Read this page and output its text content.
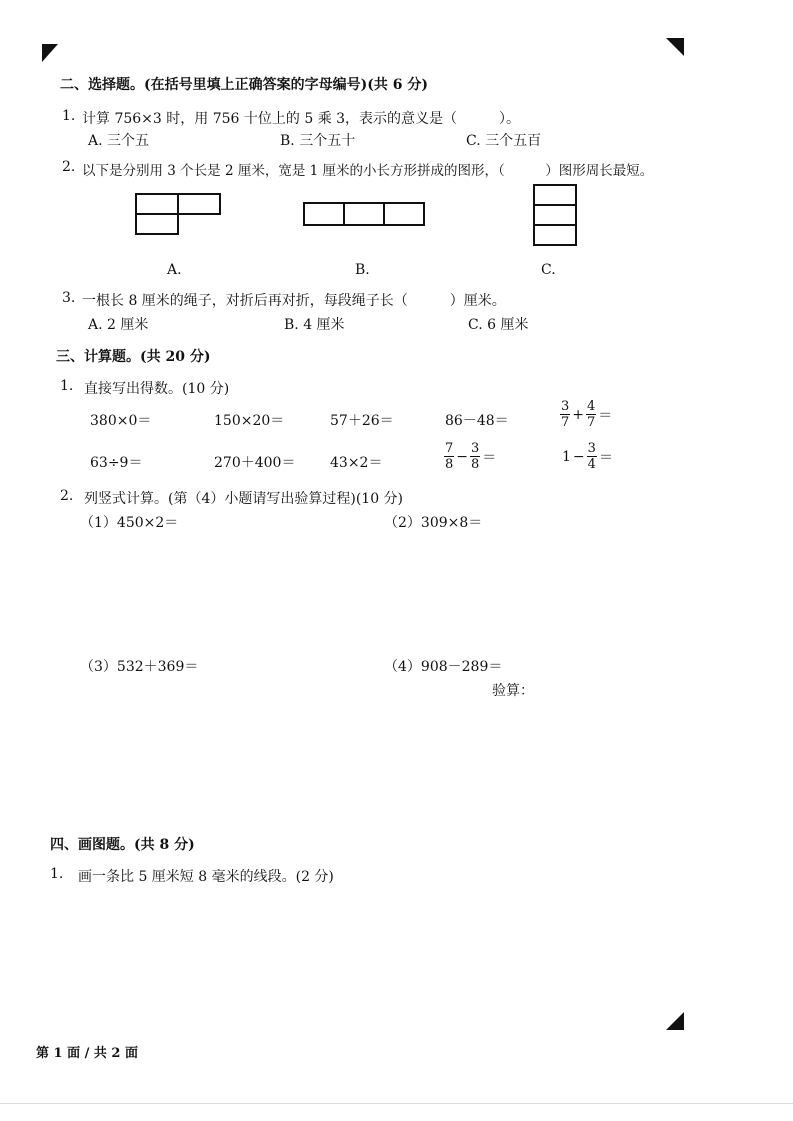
二、选择题。(在括号里填上正确答案的字母编号)(共 6 分)
1. 计算 756×3 时，用 756 十位上的 5 乘 3，表示的意义是（　　　）。
A. 三个五	B. 三个五十	C. 三个五百
2. 以下是分别用 3 个长是 2 厘米，宽是 1 厘米的小长方形拼成的图形，（　　　）图形周长最短。
A.	B.	C.
3. 一根长 8 厘米的绳子，对折后再对折，每段绳子长（　　　）厘米。
A. 2 厘米	B. 4 厘米	C. 6 厘米
三、计算题。(共 20 分)
1. 直接写出得数。(10 分)
380×0＝	150×20＝	57＋26＝	86－48＝	$\frac{3}{7} + \frac{4}{7}$ ＝
63÷9＝	270＋400＝ 43×2＝	$\frac{7}{8} - \frac{3}{8}$ ＝	$1 - \frac{3}{4}$ ＝
2. 列竖式计算。(第（4）小题请写出验算过程)(10 分)
（1）450×2＝	（2）309×8＝
（3）532＋369＝	（4）908－289＝
验算：
四、画图题。(共 8 分)
1. 画一条比 5 厘米短 8 毫米的线段。(2 分)
第 1 面 / 共 2 面
